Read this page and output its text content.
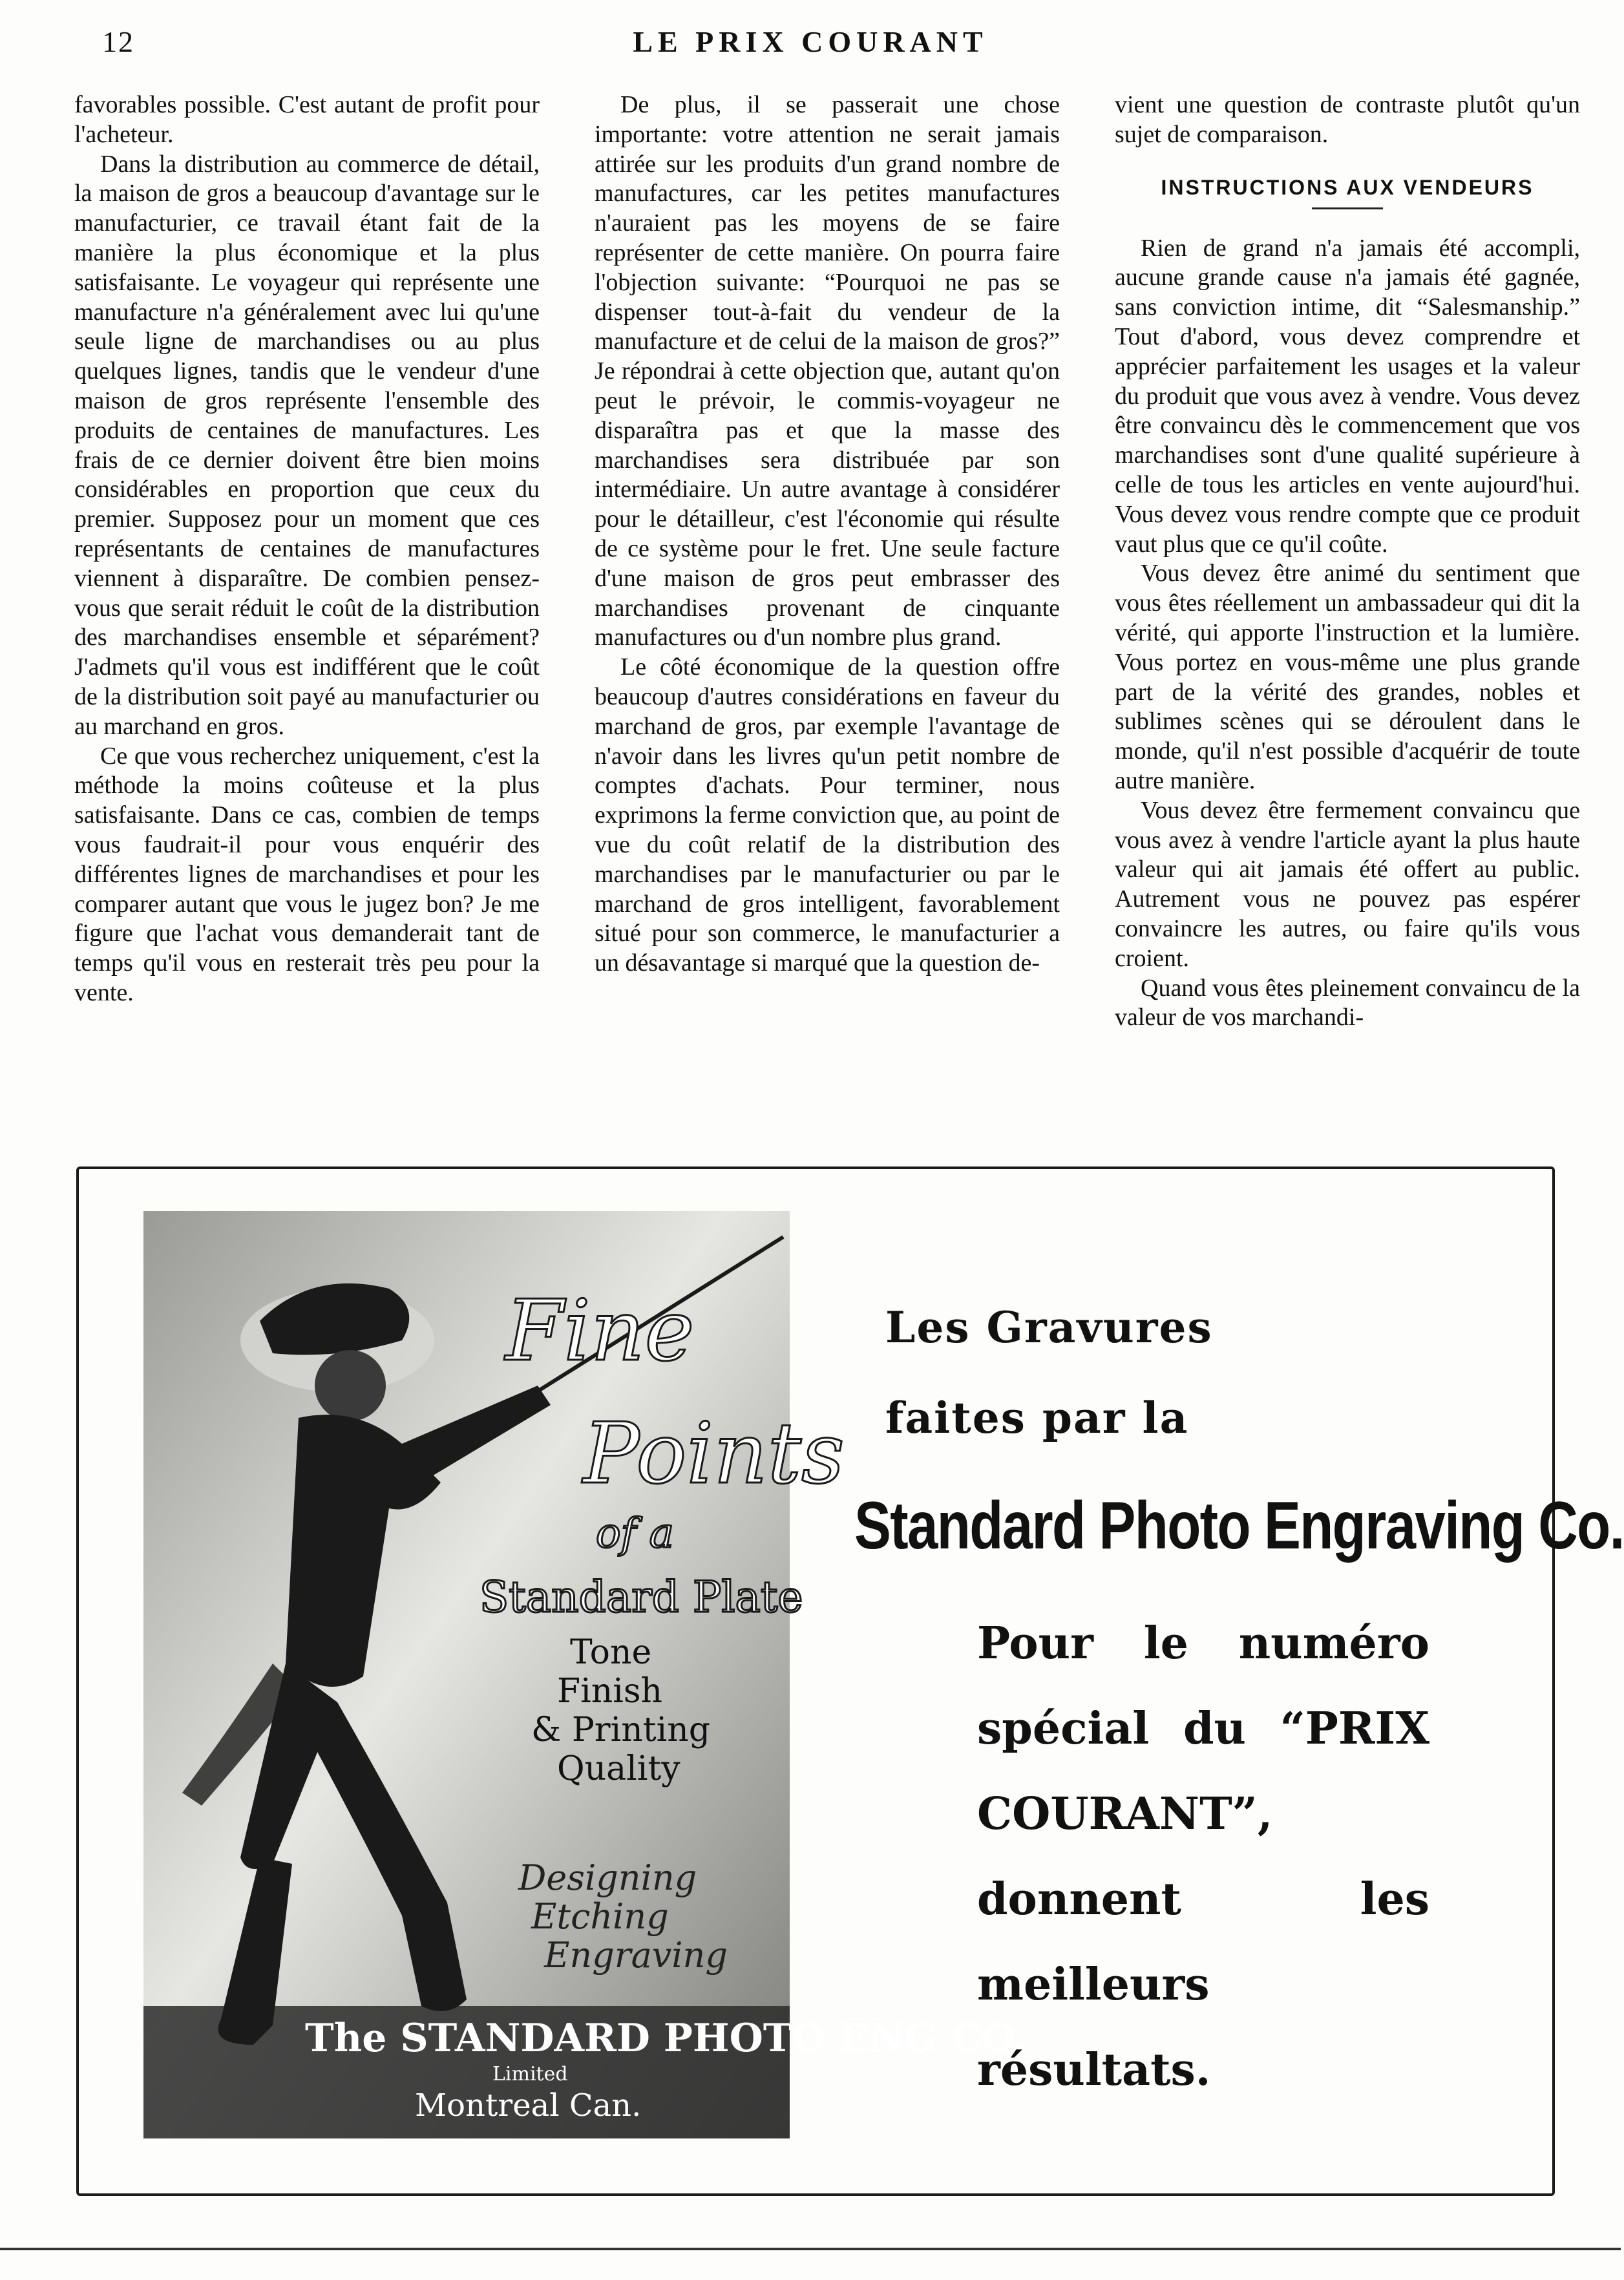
12	LE PRIX COURANT

favorables possible. C'est autant de profit pour l'acheteur.

Dans la distribution au commerce de détail, la maison de gros a beaucoup d'avantage sur le manufacturier, ce travail étant fait de la manière la plus économique et la plus satisfaisante. Le voyageur qui représente une manufacture n'a généralement avec lui qu'une seule ligne de marchandises ou au plus quelques lignes, tandis que le vendeur d'une maison de gros représente l'ensemble des produits de centaines de manufactures. Les frais de ce dernier doivent être bien moins considérables en proportion que ceux du premier. Supposez pour un moment que ces représentants de centaines de manufactures viennent à disparaître. De combien pensez-vous que serait réduit le coût de la distribution des marchandises ensemble et séparément? J'admets qu'il vous est indifférent que le coût de la distribution soit payé au manufacturier ou au marchand en gros.

Ce que vous recherchez uniquement, c'est la méthode la moins coûteuse et la plus satisfaisante. Dans ce cas, combien de temps vous faudrait-il pour vous enquérir des différentes lignes de marchandises et pour les comparer autant que vous le jugez bon? Je me figure que l'achat vous demanderait tant de temps qu'il vous en resterait très peu pour la vente.

De plus, il se passerait une chose importante: votre attention ne serait jamais attirée sur les produits d'un grand nombre de manufactures, car les petites manufactures n'auraient pas les moyens de se faire représenter de cette manière. On pourra faire l'objection suivante: “Pourquoi ne pas se dispenser tout-à-fait du vendeur de la manufacture et de celui de la maison de gros?” Je répondrai à cette objection que, autant qu'on peut le prévoir, le commis-voyageur ne disparaîtra pas et que la masse des marchandises sera distribuée par son intermédiaire. Un autre avantage à considérer pour le détailleur, c'est l'économie qui résulte de ce système pour le fret. Une seule facture d'une maison de gros peut embrasser des marchandises provenant de cinquante manufactures ou d'un nombre plus grand.

Le côté économique de la question offre beaucoup d'autres considérations en faveur du marchand de gros, par exemple l'avantage de n'avoir dans les livres qu'un petit nombre de comptes d'achats. Pour terminer, nous exprimons la ferme conviction que, au point de vue du coût relatif de la distribution des marchandises par le manufacturier ou par le marchand de gros intelligent, favorablement situé pour son commerce, le manufacturier a un désavantage si marqué que la question de-

vient une question de contraste plutôt qu'un sujet de comparaison.

INSTRUCTIONS AUX VENDEURS

Rien de grand n'a jamais été accompli, aucune grande cause n'a jamais été gagnée, sans conviction intime, dit “Salesmanship.” Tout d'abord, vous devez comprendre et apprécier parfaitement les usages et la valeur du produit que vous avez à vendre. Vous devez être convaincu dès le commencement que vos marchandises sont d'une qualité supérieure à celle de tous les articles en vente aujourd'hui. Vous devez vous rendre compte que ce produit vaut plus que ce qu'il coûte.

Vous devez être animé du sentiment que vous êtes réellement un ambassadeur qui dit la vérité, qui apporte l'instruction et la lumière. Vous portez en vous-même une plus grande part de la vérité des grandes, nobles et sublimes scènes qui se déroulent dans le monde, qu'il n'est possible d'acquérir de toute autre manière.

Vous devez être fermement convaincu que vous avez à vendre l'article ayant la plus haute valeur qui ait jamais été offert au public. Autrement vous ne pouvez pas espérer convaincre les autres, ou faire qu'ils vous croient.

Quand vous êtes pleinement convaincu de la valeur de vos marchandi-

Fine
Points
of a
Standard Plate
Tone
Finish
& Printing
Quality
Designing
Etching
Engraving
The STANDARD PHOTO ENG CO.
Limited
Montreal Can.

Les Gravures

faites par la

Standard Photo Engraving Co.

Pour le numéro spécial du “PRIX COURANT”, donnent les meilleurs résultats.
